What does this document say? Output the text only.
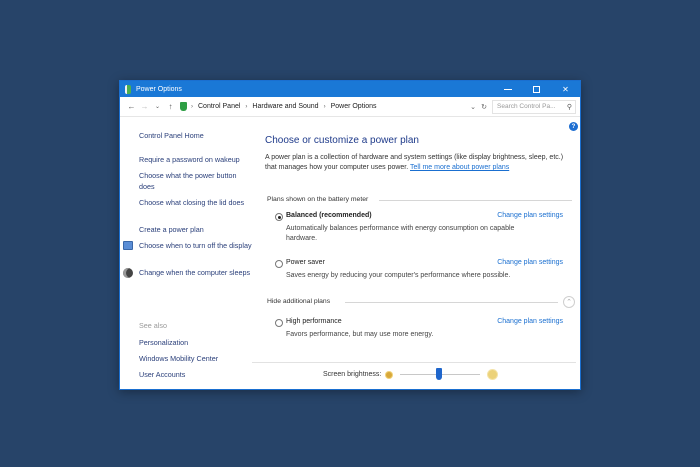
Power Options	✕
← →	⌄	↑	› Control Panel › Hardware and Sound › Power Options	⌄ ↻	Search Control Pa... ⚲
Control Panel Home
Require a password on wakeup
Choose what the power button does
Choose what closing the lid does
Create a power plan
Choose when to turn off the display
Change when the computer sleeps
See also
Personalization
Windows Mobility Center
User Accounts
?
Choose or customize a power plan
A power plan is a collection of hardware and system settings (like display brightness, sleep, etc.) that manages how your computer uses power. Tell me more about power plans
Plans shown on the battery meter
Balanced (recommended)	Change plan settings
Automatically balances performance with energy consumption on capable hardware.
Power saver	Change plan settings
Saves energy by reducing your computer's performance where possible.
Hide additional plans	⌃
High performance	Change plan settings
Favors performance, but may use more energy.
Screen brightness:
